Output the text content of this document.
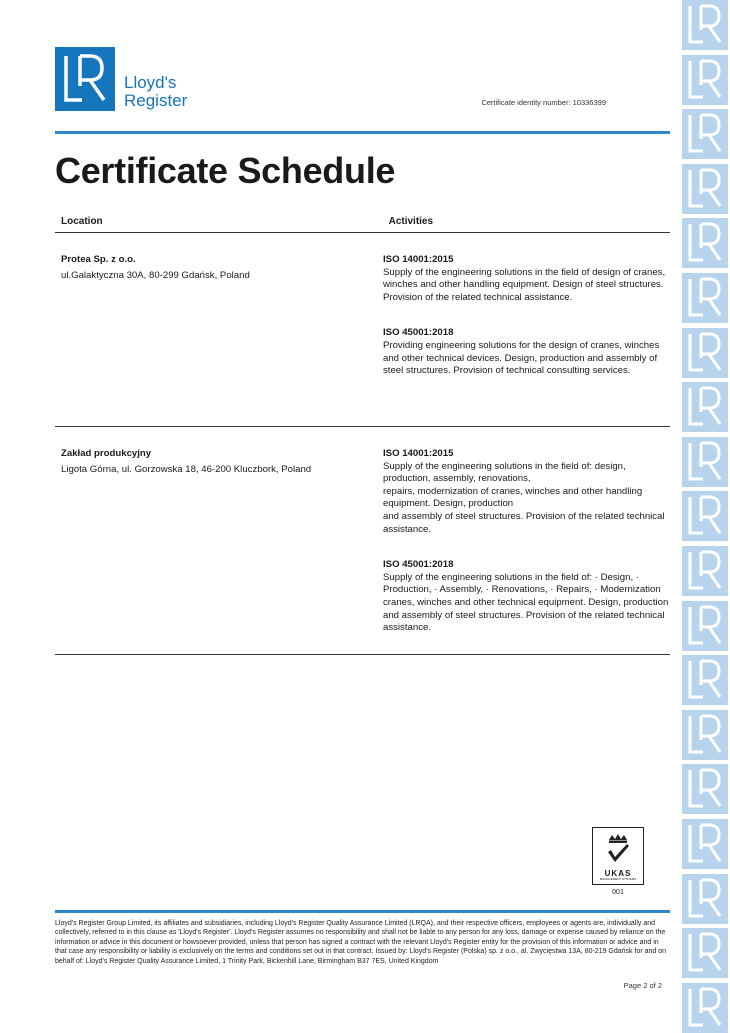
Lloyd's
Register	Certificate identity number: 10336399
Certificate Schedule
Location	Activities
Protea Sp. z o.o.
ul.Galaktyczna 30A, 80-299 Gdańsk, Poland
ISO 14001:2015
Supply of the engineering solutions in the field of design of cranes, winches and other handling equipment. Design of steel structures. Provision of the related technical assistance.
ISO 45001:2018
Providing engineering solutions for the design of cranes, winches and other technical devices. Design, production and assembly of steel structures. Provision of technical consulting services.
Zakład produkcyjny
Ligota Górna, ul. Gorzowska 18, 46-200 Kluczbork, Poland
ISO 14001:2015
Supply of the engineering solutions in the field of: design, production, assembly, renovations,
repairs, modernization of cranes, winches and other handling equipment. Design, production
and assembly of steel structures. Provision of the related technical assistance.
ISO 45001:2018
Supply of the engineering solutions in the field of: · Design, · Production, · Assembly, · Renovations, · Repairs, · Modernization cranes, winches and other technical equipment. Design, production and assembly of steel structures. Provision of the related technical assistance.
UKAS
MANAGEMENT SYSTEMS
001

Lloyd's Register Group Limited, its affiliates and subsidiaries, including Lloyd's Register Quality Assurance Limited (LRQA), and their respective officers, employees or agents are, individually and collectively, referred to in this clause as 'Lloyd's Register'. Lloyd's Register assumes no responsibility and shall not be liable to any person for any loss, damage or expense caused by reliance on the information or advice in this document or howsoever provided, unless that person has signed a contract with the relevant Lloyd's Register entity for the provision of this information or advice and in that case any responsibility or liability is exclusively on the terms and conditions set out in that contract. Issued by: Lloyd's Register (Polska) sp. z o.o., al. Zwycięstwa 13A, 80-219 Gdańsk for and on behalf of: Lloyd's Register Quality Assurance Limited, 1 Trinity Park, Bickenhill Lane, Birmingham B37 7ES, United Kingdom

Page 2 of 2
